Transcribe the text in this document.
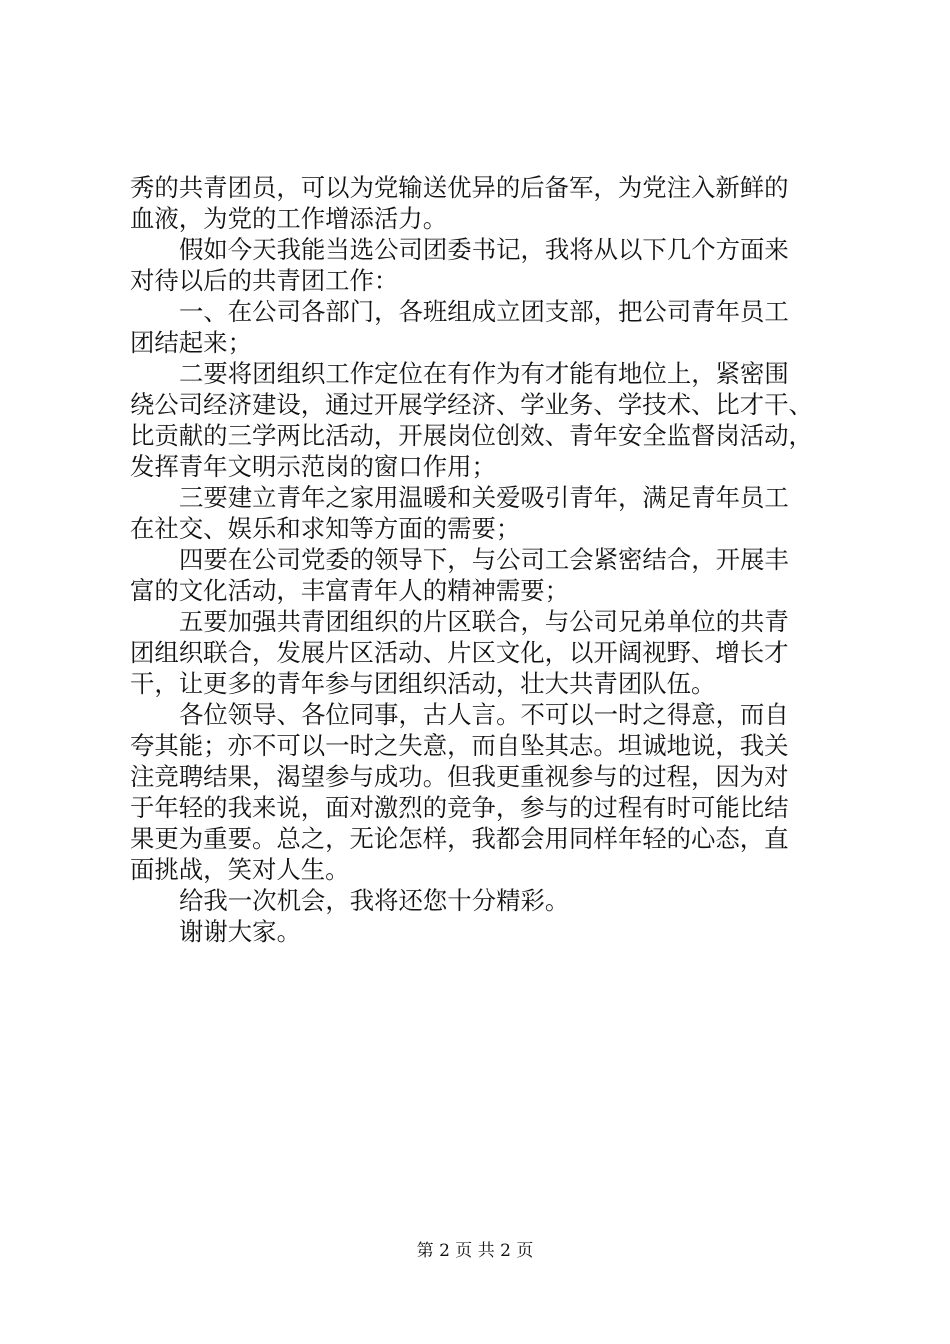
秀的共青团员，可以为党输送优异的后备军，为党注入新鲜的
血液，为党的工作增添活力。
假如今天我能当选公司团委书记，我将从以下几个方面来
对待以后的共青团工作：
一、在公司各部门，各班组成立团支部，把公司青年员工
团结起来；
二要将团组织工作定位在有作为有才能有地位上，紧密围
绕公司经济建设，通过开展学经济、学业务、学技术、比才干、
比贡献的三学两比活动，开展岗位创效、青年安全监督岗活动，
发挥青年文明示范岗的窗口作用；
三要建立青年之家用温暖和关爱吸引青年，满足青年员工
在社交、娱乐和求知等方面的需要；
四要在公司党委的领导下，与公司工会紧密结合，开展丰
富的文化活动，丰富青年人的精神需要；
五要加强共青团组织的片区联合，与公司兄弟单位的共青
团组织联合，发展片区活动、片区文化，以开阔视野、增长才
干，让更多的青年参与团组织活动，壮大共青团队伍。
各位领导、各位同事，古人言。不可以一时之得意，而自
夸其能；亦不可以一时之失意，而自坠其志。坦诚地说，我关
注竞聘结果，渴望参与成功。但我更重视参与的过程，因为对
于年轻的我来说，面对激烈的竞争，参与的过程有时可能比结
果更为重要。总之，无论怎样，我都会用同样年轻的心态，直
面挑战，笑对人生。
给我一次机会，我将还您十分精彩。
谢谢大家。
第 2 页 共 2 页
